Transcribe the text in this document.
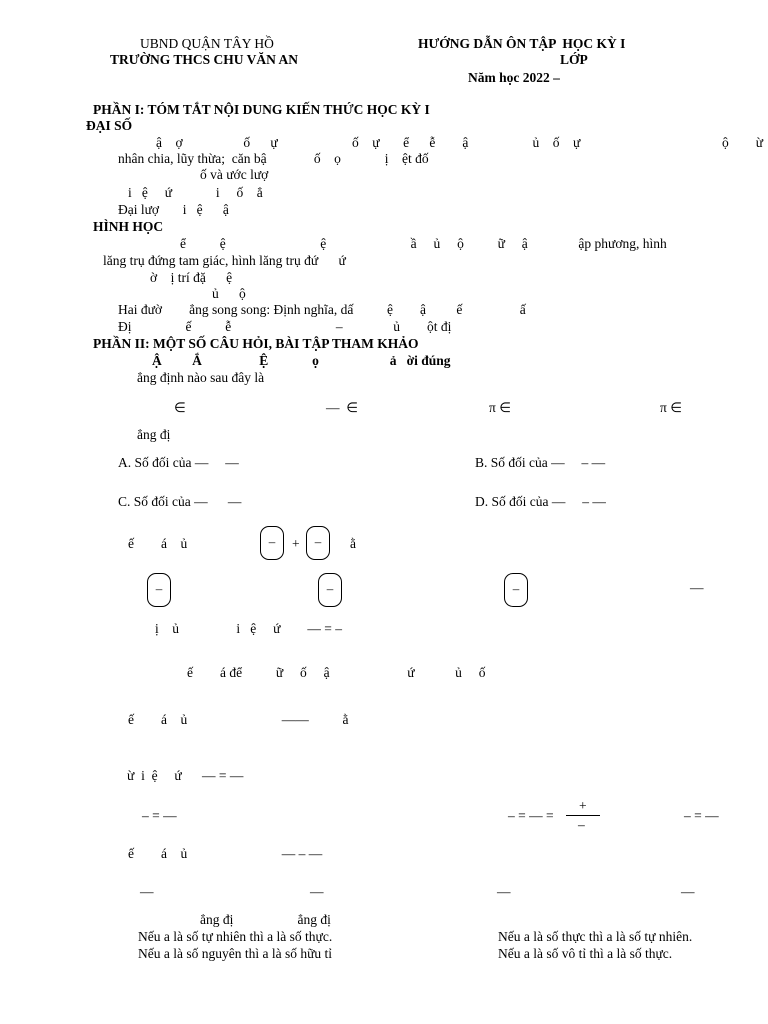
UBND QUẬN TÂY HỒ
TRƯỜNG THCS CHU VĂN AN
HƯỚNG DẪN ÔN TẬP  HỌC KỲ I
LỚP
Năm học 2022 –
PHẦN I: TÓM TẮT NỘI DUNG KIẾN THỨC HỌC KỲ I
ĐẠI SỐ
ậ    ợ                  ố      ự                      ố    ự       ể      ễ        ậ                   ủ    ố    ự                                          ộ        ừ
nhân chia, lũy thừa;  căn bậ              ố    ọ             ị    ệt đố
ố và ước lượ
i   ệ     ứ             i     ố    ẳ
Đại lượ       i   ệ      ậ
HÌNH HỌC
ể          ệ                            ệ                         ầ     ủ     ộ          ữ     ậ               ập phương, hình
lăng trụ đứng tam giác, hình lăng trụ đứ      ứ
ờ    ị trí đặ      ệ
ủ      ộ
Hai đườ        ẳng song song: Định nghĩa, dấ          ệ        ậ         ế                 ấ
Đị                ế          ễ                               –               ủ        ột đị
PHẦN II: MỘT SỐ CÂU HỎI, BÀI TẬP THAM KHẢO
Ậ         Ắ                 Ệ             ọ                     ả   ời đúng
ẳng định nào sau đây là
∈	—  ∈	π ∈	π ∈
ẳng đị
A. Số đối của —     —	B. Số đối của —     – —
C. Số đối của —      —	D. Số đối của —     – —
ế        á    ủ	– + – ằ
–	–	–	—
ị    ủ                 i   ệ     ứ        — = –
ế        á để          ữ     ố     ậ                       ứ            ủ     ố
ế        á    ủ                            ——          ằ
ừ  i  ệ     ứ      — = —
– = —	– = — =
+
–
– = —
ế        á    ủ                            — – —
—	—	—	—
ẳng đị                   ẳng đị
Nếu a là số tự nhiên thì a là số thực.	Nếu a là số thực thì a là số tự nhiên.
Nếu a là số nguyên thì a là số hữu tỉ	Nếu a là số vô tỉ thì a là số thực.
